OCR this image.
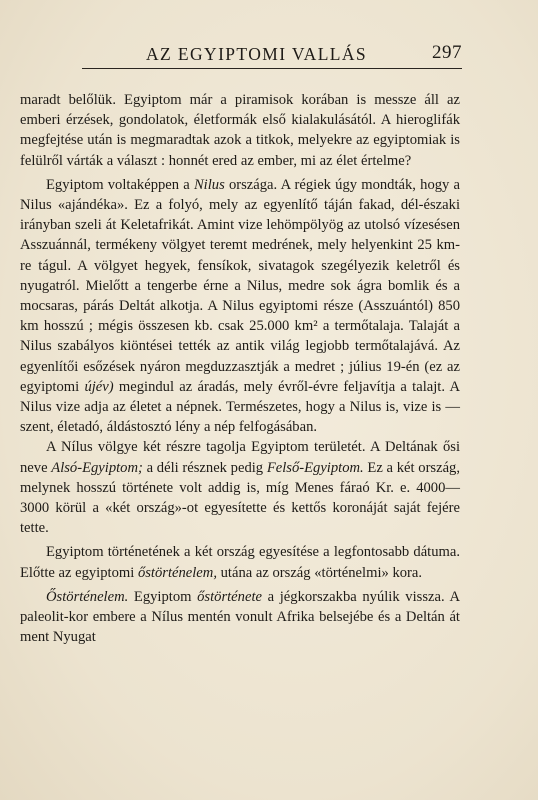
AZ EGYIPTOMI VALLÁS	297

maradt belőlük. Egyiptom már a piramisok korában is messze áll az emberi érzések, gondolatok, életformák első kialakulásától. A hieroglifák megfejtése után is megmaradtak azok a titkok, melyekre az egyiptomiak is felülről várták a választ : honnét ered az ember, mi az élet értelme?

Egyiptom voltaképpen a Nilus országa. A régiek úgy mondták, hogy a Nilus «ajándéka». Ez a folyó, mely az egyenlítő táján fakad, dél-északi irányban szeli át Keletafrikát. Amint vize lehömpölyög az utolsó vízesésen Asszuánnál, termékeny völgyet teremt medrének, mely helyenkint 25 km-re tágul. A völgyet hegyek, fensíkok, sivatagok szegélyezik keletről és nyugatról. Mielőtt a tengerbe érne a Nilus, medre sok ágra bomlik és a mocsaras, párás Deltát alkotja. A Nilus egyiptomi része (Asszuántól) 850 km hosszú ; mégis összesen kb. csak 25.000 km² a termőtalaja. Talaját a Nilus szabályos kiöntései tették az antik világ legjobb termőtalajává. Az egyenlítői esőzések nyáron megduzzasztják a medret ; július 19-én (ez az egyiptomi újév) megindul az áradás, mely évről-évre feljavítja a talajt. A Nilus vize adja az életet a népnek. Természetes, hogy a Nilus is, vize is — szent, életadó, áldástosztó lény a nép felfogásában.

A Nílus völgye két részre tagolja Egyiptom területét. A Deltának ősi neve Alsó-Egyiptom; a déli résznek pedig Felső-Egyiptom. Ez a két ország, melynek hosszú története volt addig is, míg Menes fáraó Kr. e. 4000—3000 körül a «két ország»-ot egyesítette és kettős koronáját saját fejére tette.

Egyiptom történetének a két ország egyesítése a legfontosabb dátuma. Előtte az egyiptomi őstörténelem, utána az ország «történelmi» kora.

Őstörténelem. Egyiptom őstörténete a jégkorszakba nyúlik vissza. A paleolit-kor embere a Nílus mentén vonult Afrika belsejébe és a Deltán át ment Nyugat
